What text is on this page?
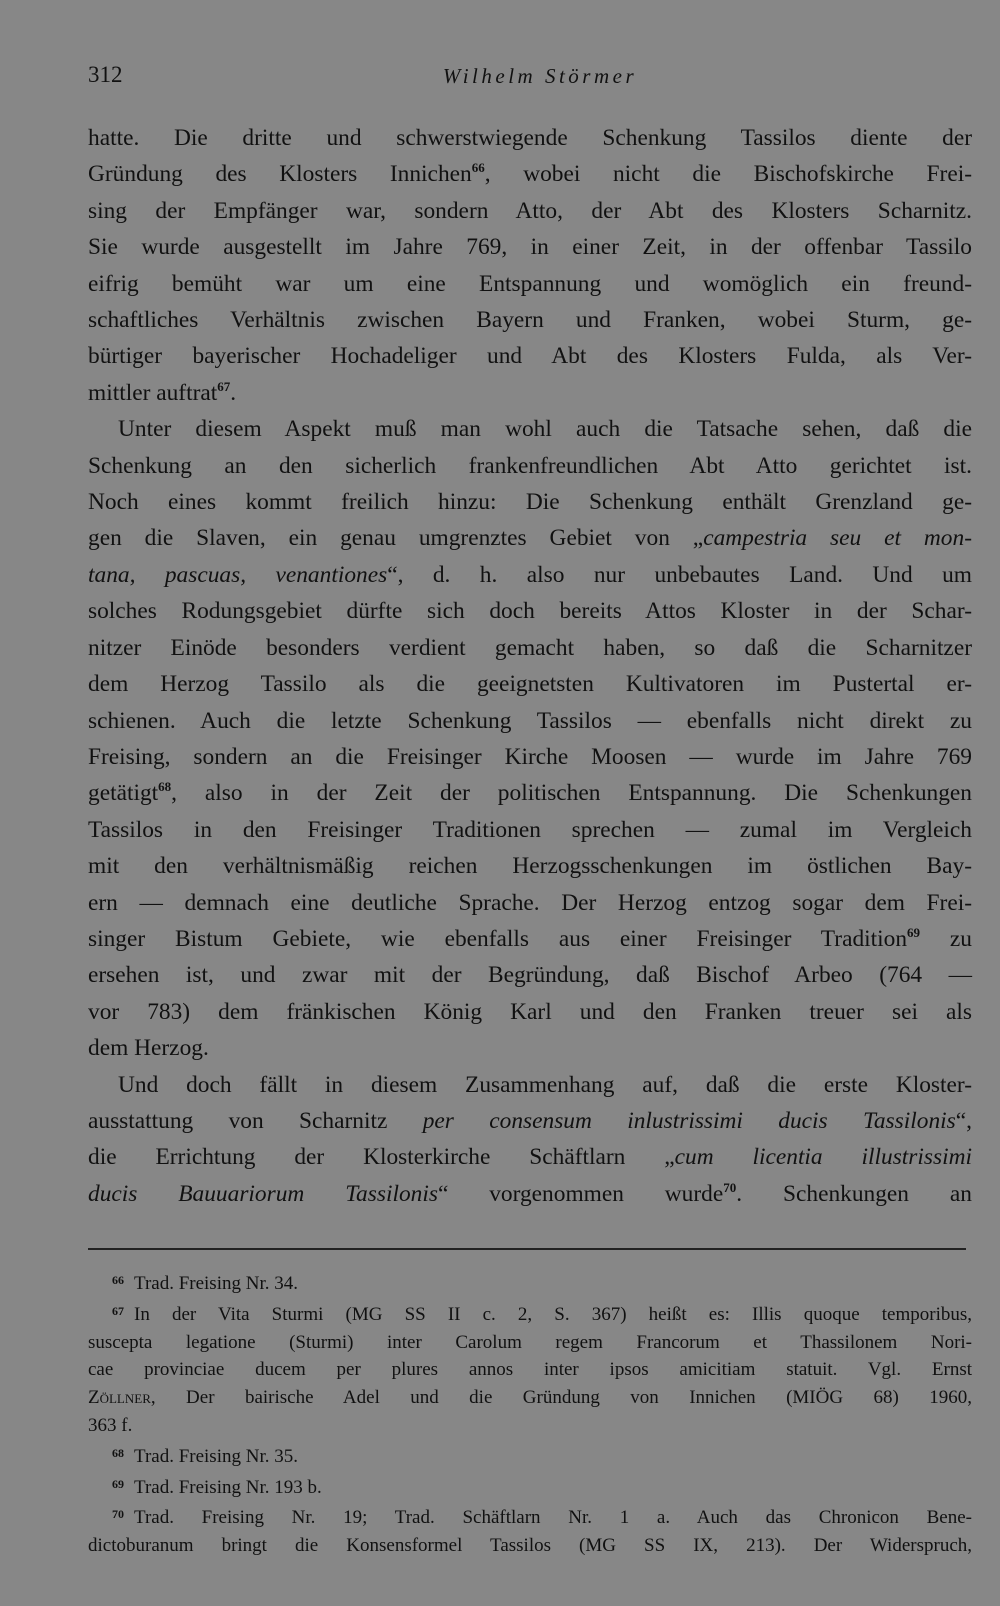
312	Wilhelm Störmer

hatte. Die dritte und schwerstwiegende Schenkung Tassilos diente der
Gründung des Klosters Innichen$^{66}$, wobei nicht die Bischofskirche Frei-
sing der Empfänger war, sondern Atto, der Abt des Klosters Scharnitz.
Sie wurde ausgestellt im Jahre 769, in einer Zeit, in der offenbar Tassilo
eifrig bemüht war um eine Entspannung und womöglich ein freund-
schaftliches Verhältnis zwischen Bayern und Franken, wobei Sturm, ge-
bürtiger bayerischer Hochadeliger und Abt des Klosters Fulda, als Ver-
mittler auftrat$^{67}$.

Unter diesem Aspekt muß man wohl auch die Tatsache sehen, daß die
Schenkung an den sicherlich frankenfreundlichen Abt Atto gerichtet ist.
Noch eines kommt freilich hinzu: Die Schenkung enthält Grenzland ge-
gen die Slaven, ein genau umgrenztes Gebiet von „campestria seu et mon-
tana, pascuas, venantiones“, d. h. also nur unbebautes Land. Und um
solches Rodungsgebiet dürfte sich doch bereits Attos Kloster in der Schar-
nitzer Einöde besonders verdient gemacht haben, so daß die Scharnitzer
dem Herzog Tassilo als die geeignetsten Kultivatoren im Pustertal er-
schienen. Auch die letzte Schenkung Tassilos — ebenfalls nicht direkt zu
Freising, sondern an die Freisinger Kirche Moosen — wurde im Jahre 769
getätigt$^{68}$, also in der Zeit der politischen Entspannung. Die Schenkungen
Tassilos in den Freisinger Traditionen sprechen — zumal im Vergleich
mit den verhältnismäßig reichen Herzogsschenkungen im östlichen Bay-
ern — demnach eine deutliche Sprache. Der Herzog entzog sogar dem Frei-
singer Bistum Gebiete, wie ebenfalls aus einer Freisinger Tradition$^{69}$ zu
ersehen ist, und zwar mit der Begründung, daß Bischof Arbeo (764 —
vor 783) dem fränkischen König Karl und den Franken treuer sei als
dem Herzog.

Und doch fällt in diesem Zusammenhang auf, daß die erste Kloster-
ausstattung von Scharnitz per consensum inlustrissimi ducis Tassilonis“,
die Errichtung der Klosterkirche Schäftlarn „cum licentia illustrissimi
ducis Bauuariorum Tassilonis“ vorgenommen wurde$^{70}$. Schenkungen an

$^{66}$ Trad. Freising Nr. 34.
$^{67}$ In der Vita Sturmi (MG SS II c. 2, S. 367) heißt es: Illis quoque temporibus,
suscepta legatione (Sturmi) inter Carolum regem Francorum et Thassilonem Nori-
cae provinciae ducem per plures annos inter ipsos amicitiam statuit. Vgl. Ernst
Zöllner, Der bairische Adel und die Gründung von Innichen (MIÖG 68) 1960,
363 f.
$^{68}$ Trad. Freising Nr. 35.
$^{69}$ Trad. Freising Nr. 193 b.
$^{70}$ Trad. Freising Nr. 19; Trad. Schäftlarn Nr. 1 a. Auch das Chronicon Bene-
dictoburanum bringt die Konsensformel Tassilos (MG SS IX, 213). Der Widerspruch,
